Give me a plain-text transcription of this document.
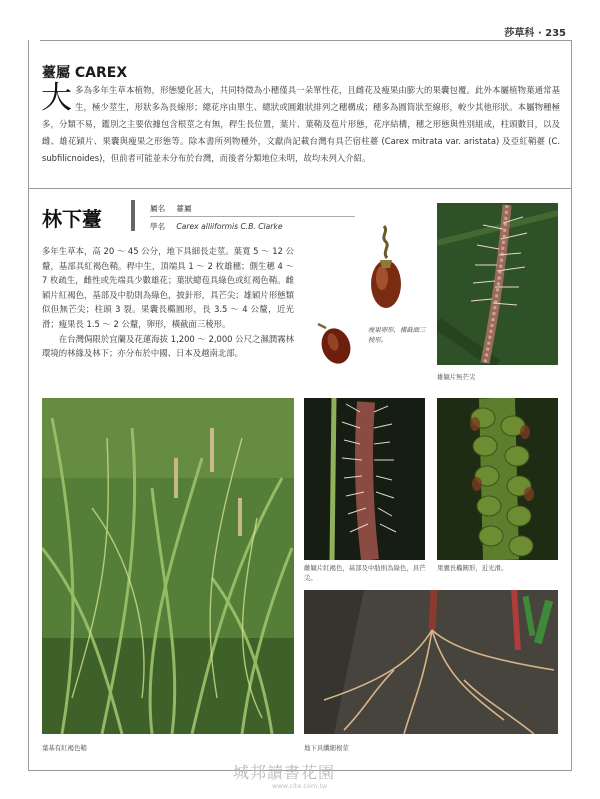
莎草科 · 235
薹屬 CAREX
大 多為多年生草本植物，形態變化甚大，共同特徵為小穗僅具一朵單性花，且雌花及瘦果由膨大的果囊包覆。此外本屬植物葉通常基生，極少莖生，形狀多為長線形；總花序由單生、總狀或圓錐狀排列之穗構成；穗多為圓筒狀至線形，較少其他形狀。本屬物種極多，分類不易，鑑別之主要依據包含根莖之有無，稈生長位置，葉片、葉鞘及苞片形態，花序結構，穗之形態與性別組成，柱頭數目，以及雌、雄花穎片、果囊與瘦果之形態等。除本書所列物種外，文獻尚記載台灣有具芒宿柱薹 (Carex mitrata var. aristata) 及亞紅鞘薹 (C. subfilicnoides)，但前者可能並未分布於台灣，而後者分類地位未明，故均未列入介紹。
林下薹	屬名 薹屬
學名 Carex alliiformis C.B. Clarke

多年生草本，高 20 ～ 45 公分，地下具細長走莖。葉寬 5 ～ 12 公釐，基部具紅褐色鞘。稈中生，頂端具 1 ～ 2 枚雄穗；側生穗 4 ～ 7 枚疏生，雌性或先端具少數雄花；葉狀總苞具綠色或紅褐色鞘。雌穎片紅褐色，基部及中肋則為綠色，披針形，具芒尖；雄穎片形態類似但無芒尖；柱頭 3 裂。果囊長橢圓形，長 3.5 ～ 4 公釐，近光滑；瘦果長 1.5 ～ 2 公釐，卵形，橫截面三稜形。

在台灣侷限於宜蘭及花蓮海拔 1,200 ～ 2,000 公尺之濕潤霧林環境的林緣及林下；亦分布於中國、日本及越南北部。

瘦果卵形，橫截面三稜形。
雄穎片無芒尖
葉基有紅褐色鞘
雌穎片紅褐色，基部及中肋則為綠色，具芒尖。
果囊長橢圓形，近光滑。
地下具纖細根莖
城邦讀書花園
www.cite.com.tw
